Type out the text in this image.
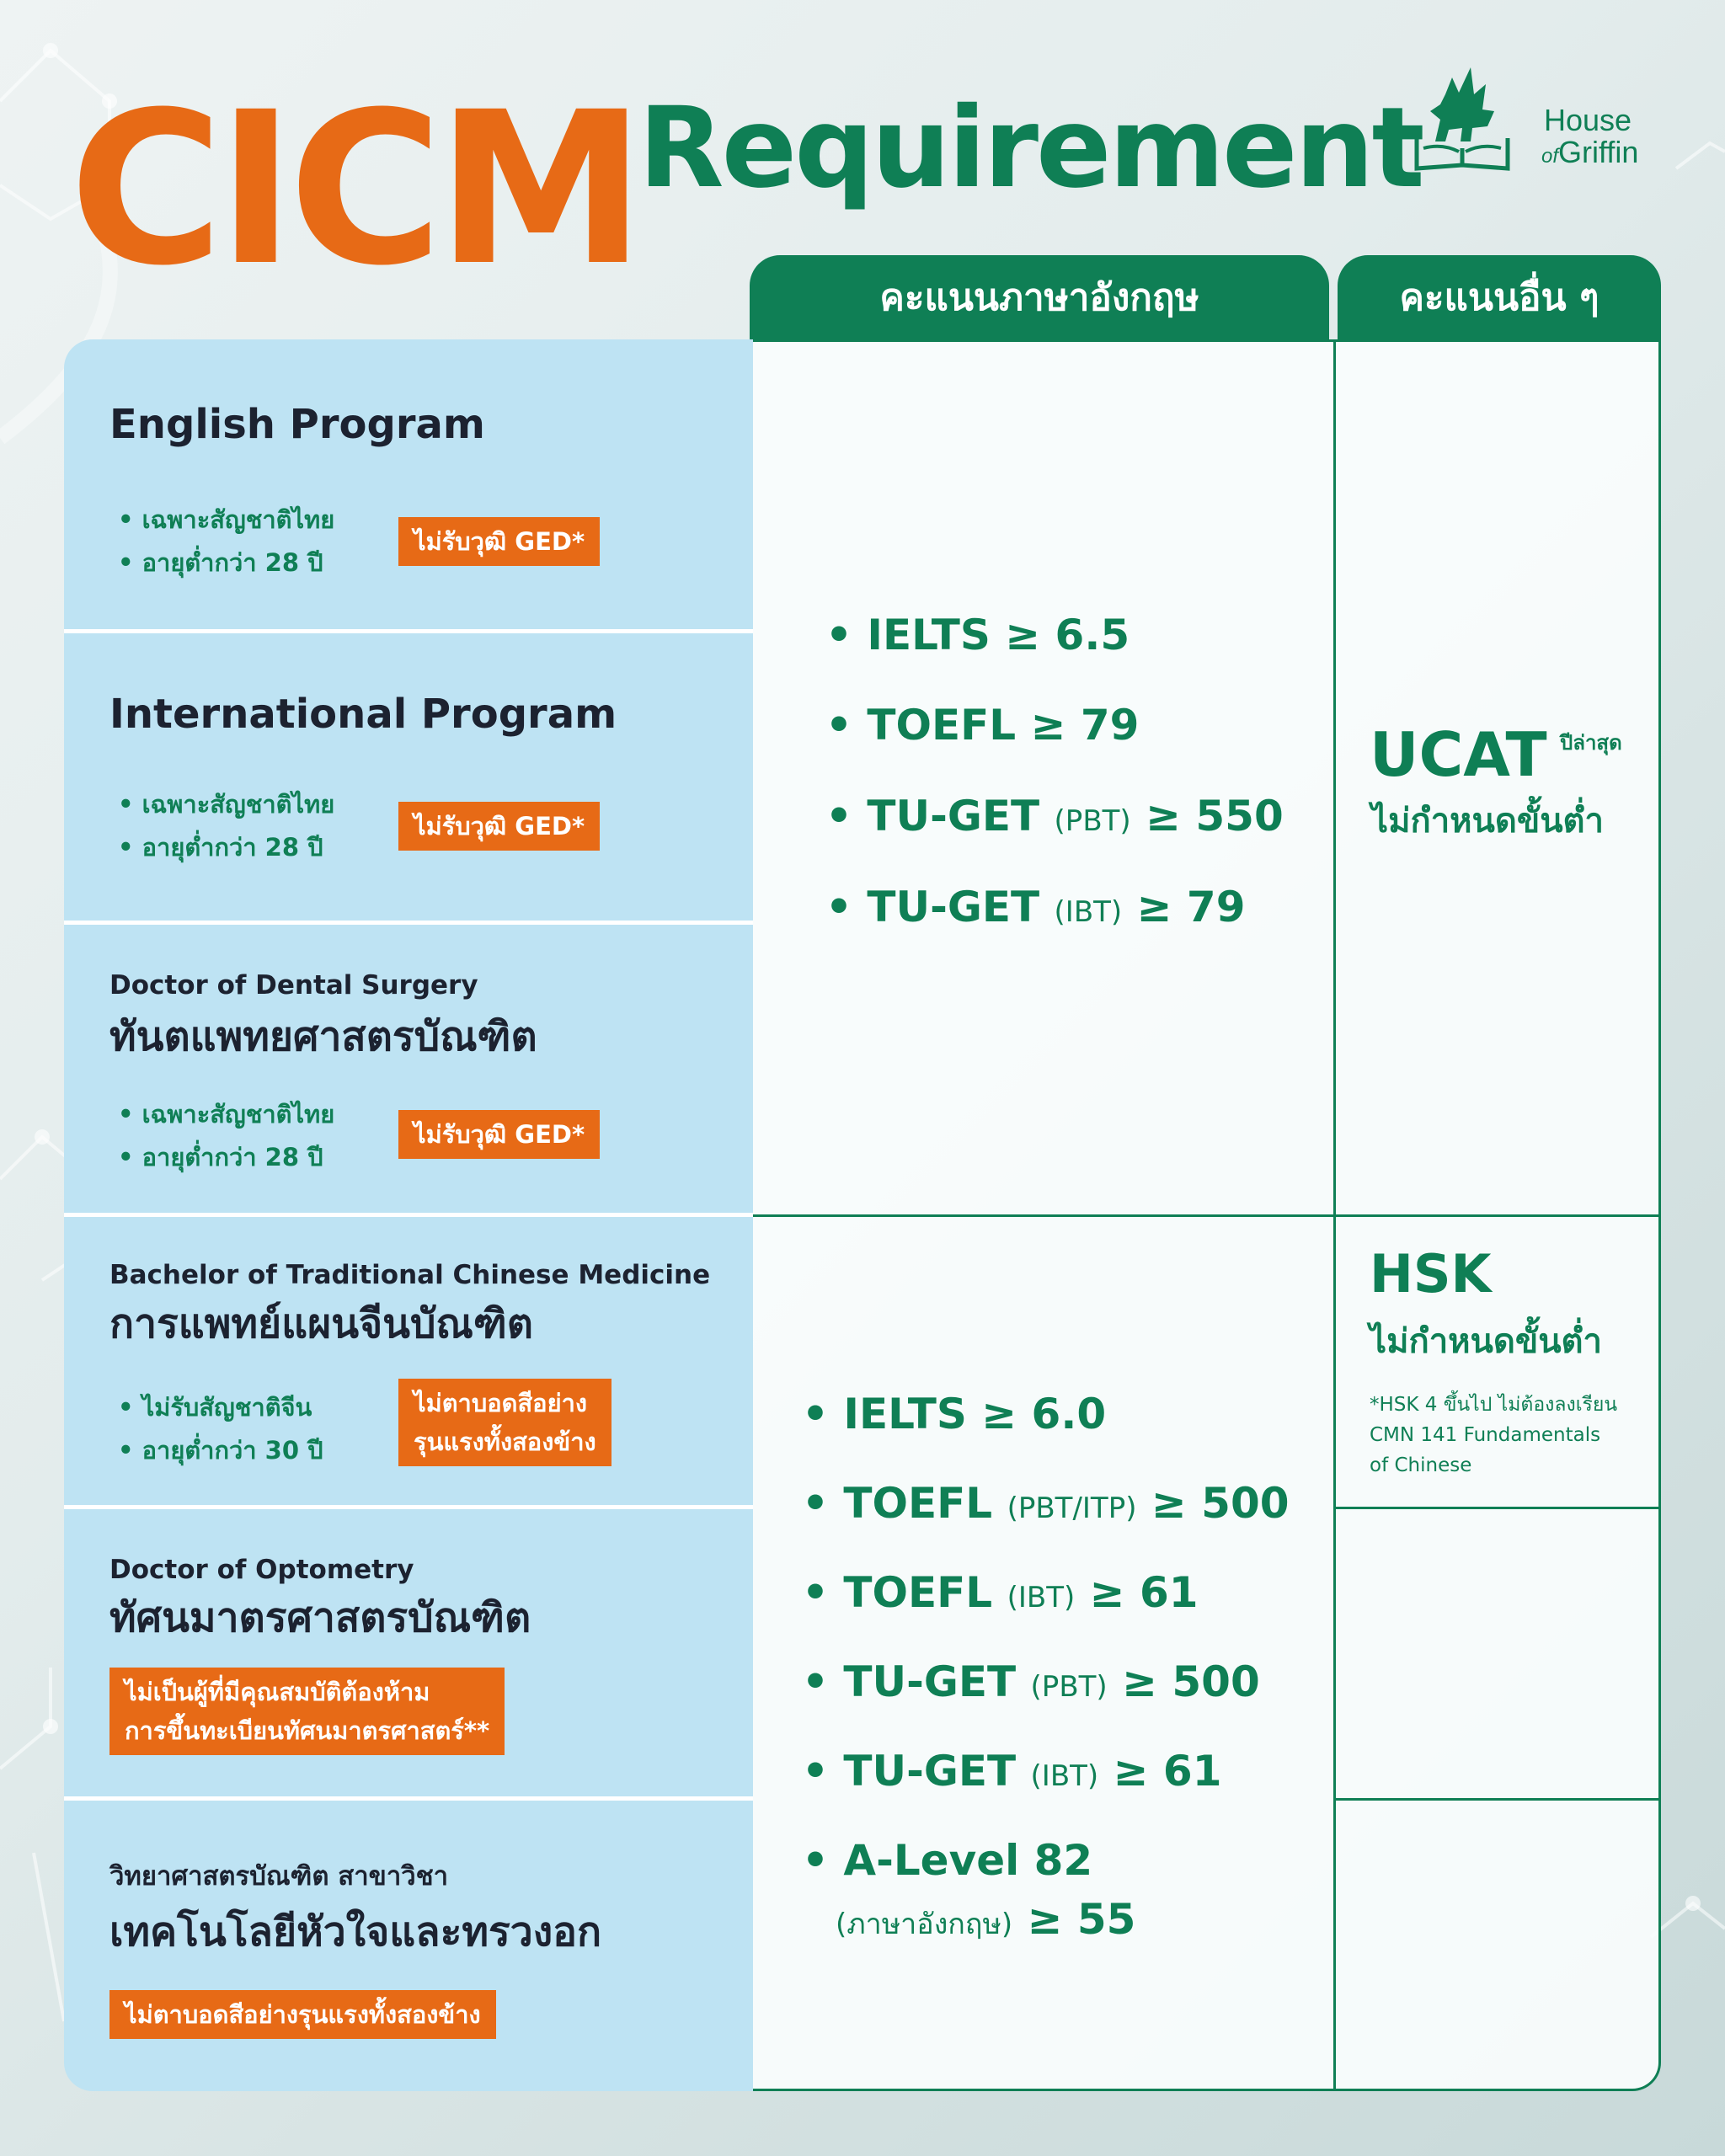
CICM Requirement	House
ofGriffin
คะแนนภาษาอังกฤษ	คะแนนอื่น ๆ
English Program
• เฉพาะสัญชาติไทย
• อายุต่ำกว่า 28 ปี
ไม่รับวุฒิ GED*
International Program
• เฉพาะสัญชาติไทย
• อายุต่ำกว่า 28 ปี
ไม่รับวุฒิ GED*
Doctor of Dental Surgery
ทันตแพทยศาสตรบัณฑิต
• เฉพาะสัญชาติไทย
• อายุต่ำกว่า 28 ปี
ไม่รับวุฒิ GED*
Bachelor of Traditional Chinese Medicine
การแพทย์แผนจีนบัณฑิต
• ไม่รับสัญชาติจีน
• อายุต่ำกว่า 30 ปี
ไม่ตาบอดสีอย่าง
รุนแรงทั้งสองข้าง
Doctor of Optometry
ทัศนมาตรศาสตรบัณฑิต
ไม่เป็นผู้ที่มีคุณสมบัติต้องห้าม
การขึ้นทะเบียนทัศนมาตรศาสตร์**
วิทยาศาสตรบัณฑิต สาขาวิชา
เทคโนโลยีหัวใจและทรวงอก
ไม่ตาบอดสีอย่างรุนแรงทั้งสองข้าง
• IELTS ≥ 6.5
• TOEFL ≥ 79
• TU-GET (PBT) ≥ 550
• TU-GET (IBT) ≥ 79
• IELTS ≥ 6.0
• TOEFL (PBT/ITP) ≥ 500
• TOEFL (IBT) ≥ 61
• TU-GET (PBT) ≥ 500
• TU-GET (IBT) ≥ 61
• A-Level 82
(ภาษาอังกฤษ) ≥ 55
UCAT ปีล่าสุด
ไม่กำหนดขั้นต่ำ
HSK
ไม่กำหนดขั้นต่ำ
*HSK 4 ขึ้นไป ไม่ต้องลงเรียน
CMN 141 Fundamentals
of Chinese
